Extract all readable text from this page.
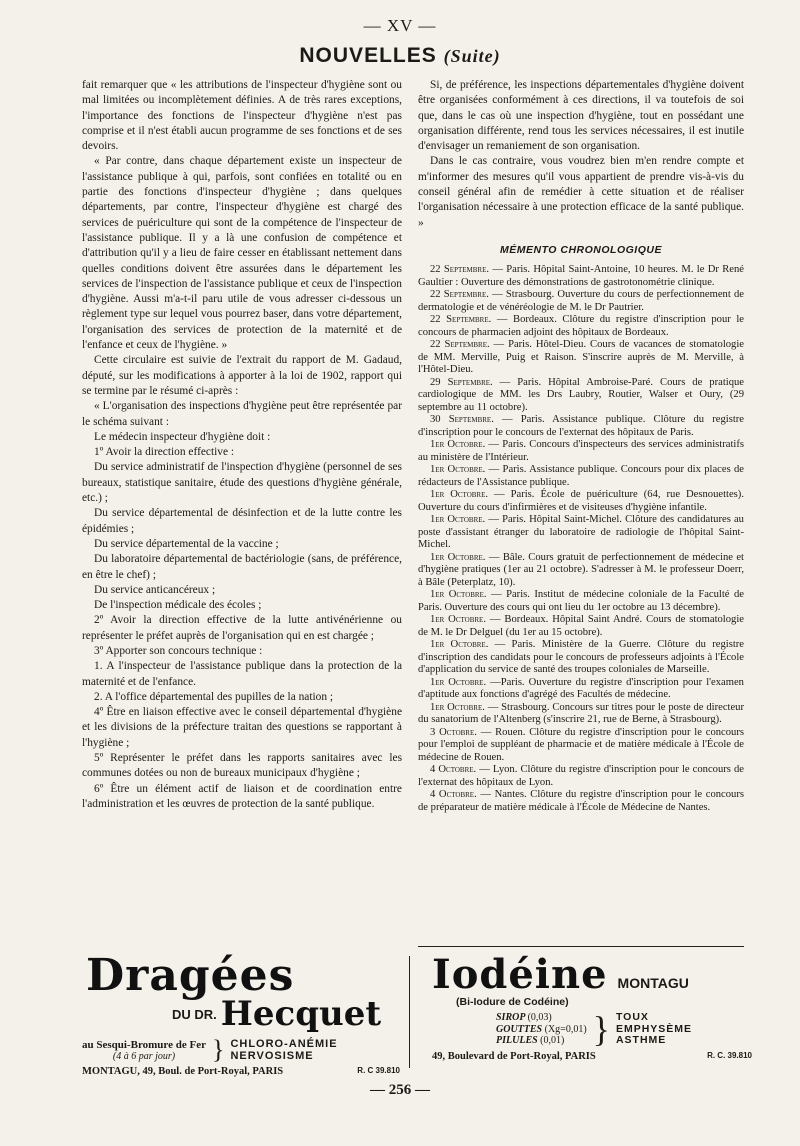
— XV —
NOUVELLES (Suite)

fait remarquer que « les attributions de l'inspecteur d'hygiène sont ou mal limitées ou incomplètement définies. A de très rares exceptions, l'importance des fonctions de l'inspecteur d'hygiène n'est pas comprise et il n'est établi aucun programme de ses fonctions et de ses devoirs.

« Par contre, dans chaque département existe un inspecteur de l'assistance publique à qui, parfois, sont confiées en totalité ou en partie des fonctions d'inspecteur d'hygiène ; dans quelques départements, par contre, l'inspecteur d'hygiène est chargé des services de puériculture qui sont de la compétence de l'inspecteur de l'assistance publique. Il y a là une confusion de compétence et d'attribution qu'il y a lieu de faire cesser en établissant nettement dans quelles conditions doivent être assurées dans le département les services de l'inspection de l'assistance publique et ceux de l'inspection d'hygiène. Aussi m'a-t-il paru utile de vous adresser ci-dessous un règlement type sur lequel vous pourrez baser, dans votre département, l'organisation des services de protection de la maternité et de l'enfance et ceux de l'hygiène. »

Cette circulaire est suivie de l'extrait du rapport de M. Gadaud, député, sur les modifications à apporter à la loi de 1902, rapport qui se termine par le résumé ci-après :

« L'organisation des inspections d'hygiène peut être représentée par le schéma suivant :

Le médecin inspecteur d'hygiène doit :

1º Avoir la direction effective :

Du service administratif de l'inspection d'hygiène (personnel de ses bureaux, statistique sanitaire, étude des questions d'hygiène générale, etc.) ;

Du service départemental de désinfection et de la lutte contre les épidémies ;

Du service départemental de la vaccine ;

Du laboratoire départemental de bactériologie (sans, de préférence, en être le chef) ;

Du service anticancéreux ;

De l'inspection médicale des écoles ;

2º Avoir la direction effective de la lutte antivénérienne ou représenter le préfet auprès de l'organisation qui en est chargée ;

3º Apporter son concours technique :

1. A l'inspecteur de l'assistance publique dans la protection de la maternité et de l'enfance.

2. A l'office départemental des pupilles de la nation ;

4º Être en liaison effective avec le conseil départemental d'hygiène et les divisions de la préfecture traitan des questions se rapportant à l'hygiène ;

5º Représenter le préfet dans les rapports sanitaires avec les communes dotées ou non de bureaux municipaux d'hygiène ;

6º Être un élément actif de liaison et de coordination entre l'administration et les œuvres de protection de la santé publique.

Si, de préférence, les inspections départementales d'hygiène doivent être organisées conformément à ces directions, il va toutefois de soi que, dans le cas où une inspection d'hygiène, tout en possédant une organisation différente, rend tous les services nécessaires, il est inutile d'envisager un remaniement de son organisation.

Dans le cas contraire, vous voudrez bien m'en rendre compte et m'informer des mesures qu'il vous appartient de prendre vis-à-vis du conseil général afin de remédier à cette situation et de réaliser l'organisation nécessaire à une protection efficace de la santé publique. »

MÉMENTO CHRONOLOGIQUE

22 Septembre. — Paris. Hôpital Saint-Antoine, 10 heures. M. le Dr René Gaultier : Ouverture des démonstrations de gastrotonométrie clinique.

22 Septembre. — Strasbourg. Ouverture du cours de perfectionnement de dermatologie et de vénéréologie de M. le Dr Pautrier.

22 Septembre. — Bordeaux. Clôture du registre d'inscription pour le concours de pharmacien adjoint des hôpitaux de Bordeaux.

22 Septembre. — Paris. Hôtel-Dieu. Cours de vacances de stomatologie de MM. Merville, Puig et Raison. S'inscrire auprès de M. Merville, à l'Hôtel-Dieu.

29 Septembre. — Paris. Hôpital Ambroise-Paré. Cours de pratique cardiologique de MM. les Drs Laubry, Routier, Walser et Oury, (29 septembre au 11 octobre).

30 Septembre. — Paris. Assistance publique. Clôture du registre d'inscription pour le concours de l'externat des hôpitaux de Paris.

1er Octobre. — Paris. Concours d'inspecteurs des services administratifs au ministère de l'Intérieur.

1er Octobre. — Paris. Assistance publique. Concours pour dix places de rédacteurs de l'Assistance publique.

1er Octobre. — Paris. École de puériculture (64, rue Desnouettes). Ouverture du cours d'infirmières et de visiteuses d'hygiène infantile.

1er Octobre. — Paris. Hôpital Saint-Michel. Clôture des candidatures au poste d'assistant étranger du laboratoire de radiologie de l'hôpital Saint-Michel.

1er Octobre. — Bâle. Cours gratuit de perfectionnement de médecine et d'hygiène pratiques (1er au 21 octobre). S'adresser à M. le professeur Doerr, à Bâle (Peterplatz, 10).

1er Octobre. — Paris. Institut de médecine coloniale de la Faculté de Paris. Ouverture des cours qui ont lieu du 1er octobre au 13 décembre).

1er Octobre. — Bordeaux. Hôpital Saint André. Cours de stomatologie de M. le Dr Delguel (du 1er au 15 octobre).

1er Octobre. — Paris. Ministère de la Guerre. Clôture du registre d'inscription des candidats pour le concours de professeurs adjoints à l'École d'application du service de santé des troupes coloniales de Marseille.

1er Octobre. —Paris. Ouverture du registre d'inscription pour l'examen d'aptitude aux fonctions d'agrégé des Facultés de médecine.

1er Octobre. — Strasbourg. Concours sur titres pour le poste de directeur du sanatorium de l'Altenberg (s'inscrire 21, rue de Berne, à Strasbourg).

3 Octobre. — Rouen. Clôture du registre d'inscription pour le concours pour l'emploi de suppléant de pharmacie et de matière médicale à l'École de médecine de Rouen.

4 Octobre. — Lyon. Clôture du registre d'inscription pour le concours de l'externat des hôpitaux de Lyon.

4 Octobre. — Nantes. Clôture du registre d'inscription pour le concours de préparateur de matière médicale à l'École de Médecine de Nantes.

Dragées
DU DR. Hecquet
au Sesqui-Bromure de Fer
(4 à 6 par jour)	} CHLORO-ANÉMIE
NERVOSISME
MONTAGU, 49, Boul. de Port-Royal, PARIS	R. C 39.810
Iodéine MONTAGU
(Bi-Iodure de Codéine)
SIROP (0,03)
GOUTTES (Xg=0,01)
PILULES (0,01) } TOUX
EMPHYSÈME
ASTHME
49, Boulevard de Port-Royal, PARIS	R. C. 39.810
— 256 —
